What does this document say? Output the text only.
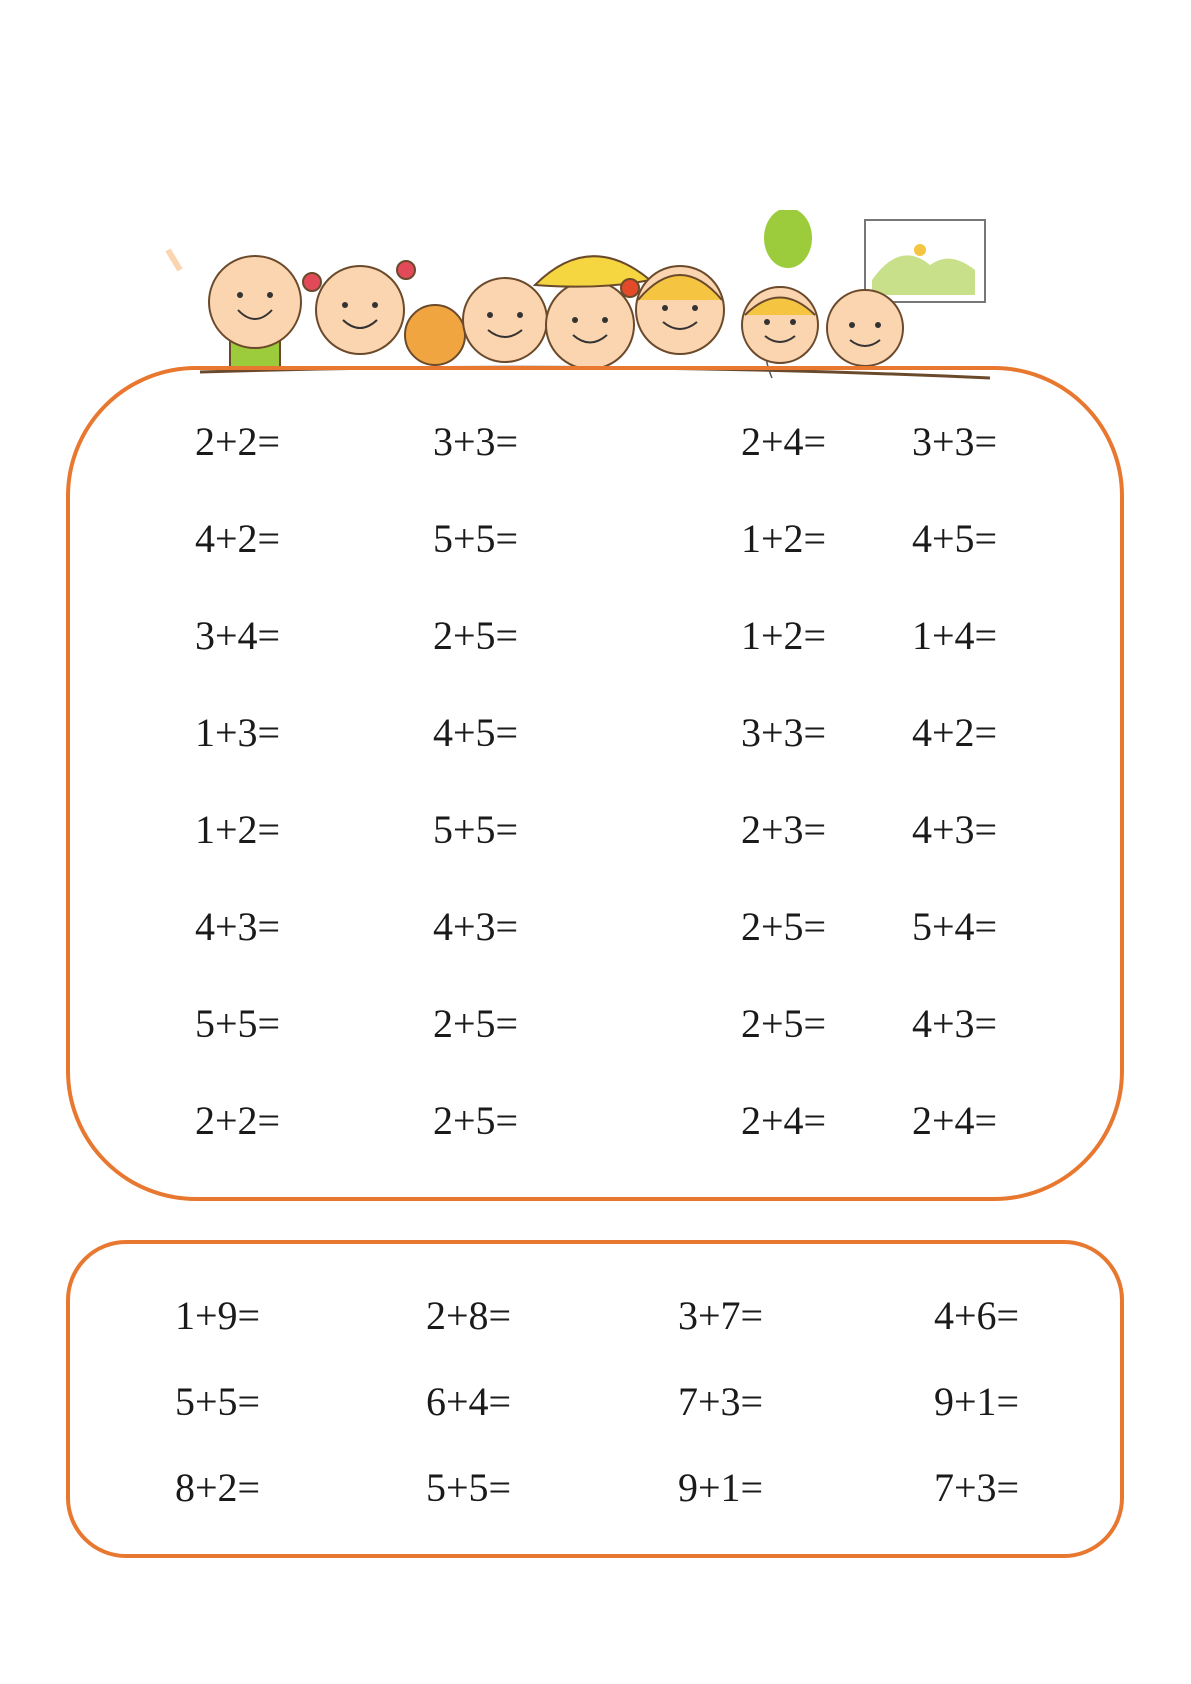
2+2=	3+3=	2+4= 3+3=
4+2=	5+5=	1+2= 4+5=
3+4=	2+5=	1+2= 1+4=
1+3=	4+5=	3+3= 4+2=
1+2=	5+5=	2+3= 4+3=
4+3=	4+3=	2+5= 5+4=
5+5=	2+5=	2+5= 4+3=
2+2=	2+5=	2+4= 2+4=
1+9=	2+8=	3+7=	4+6=
5+5=	6+4=	7+3=	9+1=
8+2=	5+5=	9+1=	7+3=
